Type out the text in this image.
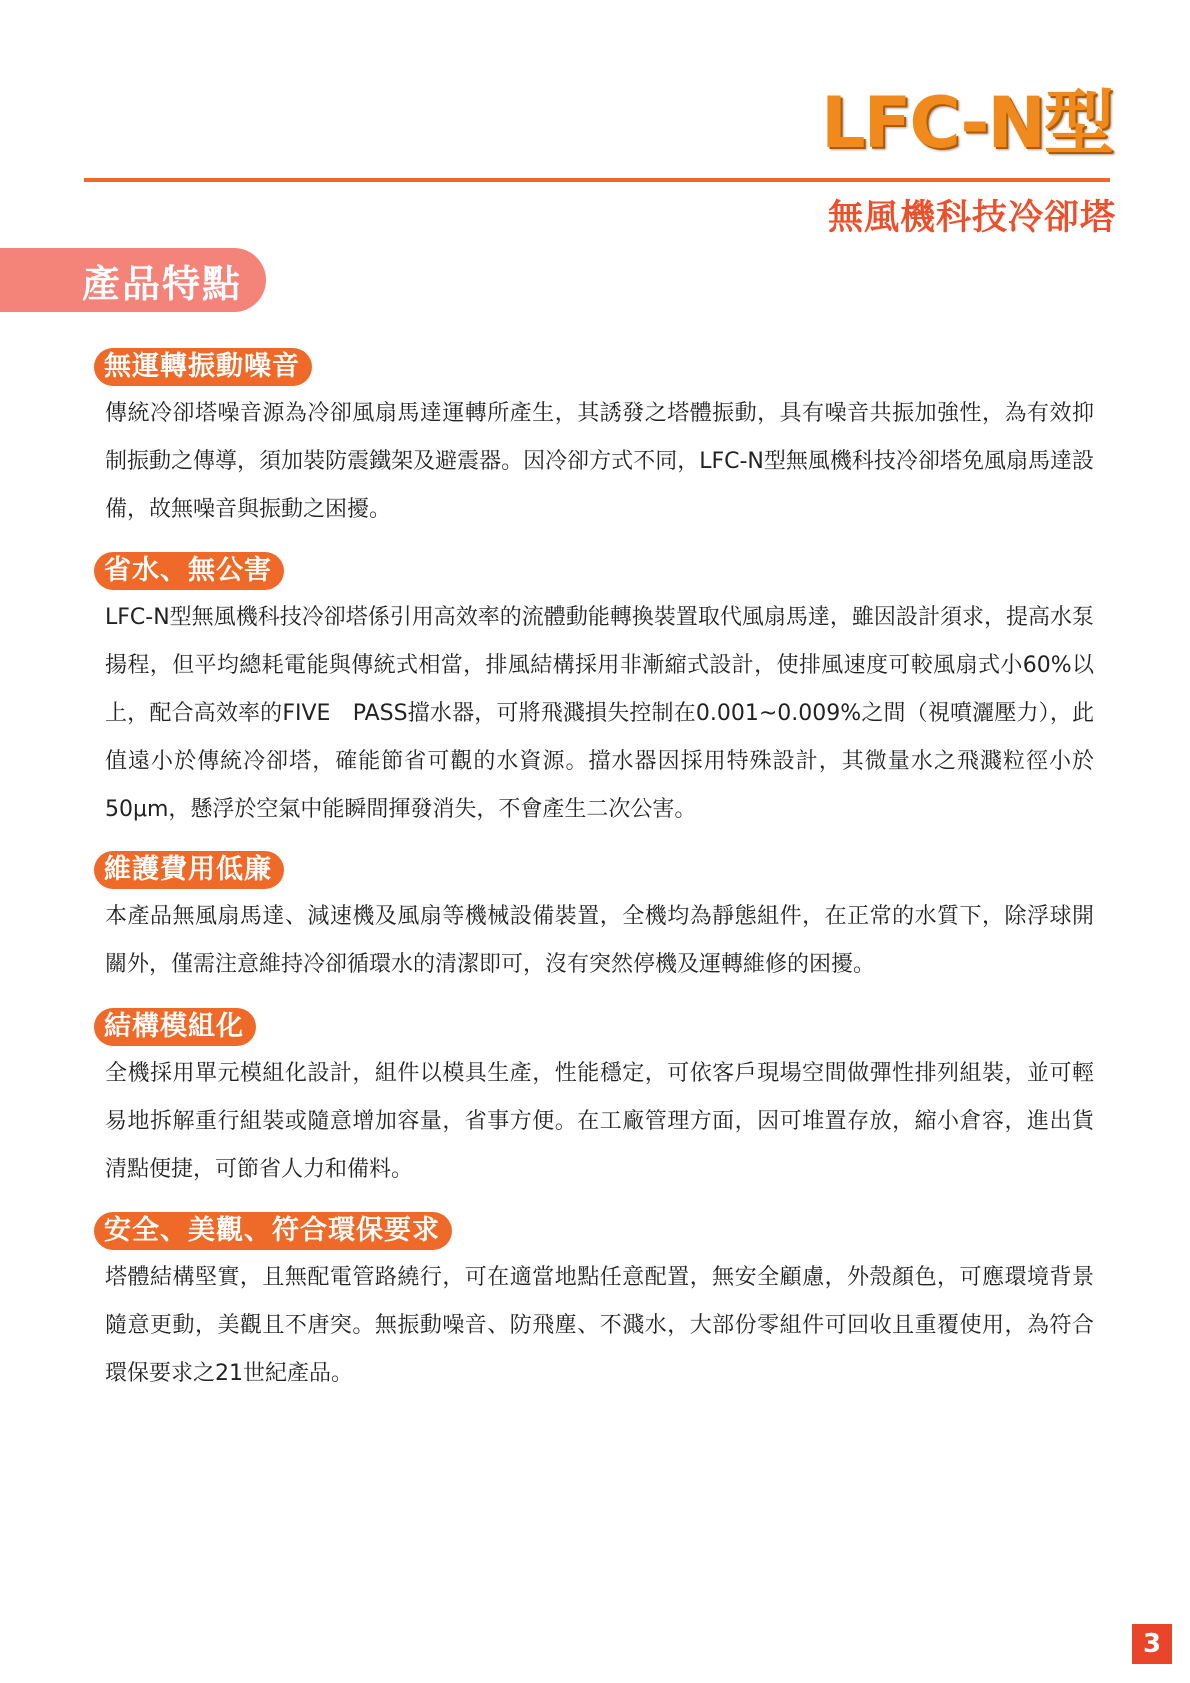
LFC-N型
無風機科技冷卻塔
產品特點
無運轉振動噪音

傳統冷卻塔噪音源為冷卻風扇馬達運轉所產生，其誘發之塔體振動，具有噪音共振加強性，為有效抑制振動之傳導，須加裝防震鐵架及避震器。因冷卻方式不同，LFC-N型無風機科技冷卻塔免風扇馬達設備，故無噪音與振動之困擾。

省水、無公害

LFC-N型無風機科技冷卻塔係引用高效率的流體動能轉換裝置取代風扇馬達，雖因設計須求，提高水泵揚程，但平均總耗電能與傳統式相當，排風結構採用非漸縮式設計，使排風速度可較風扇式小60%以上，配合高效率的FIVE　PASS擋水器，可將飛濺損失控制在0.001~0.009%之間（視噴灑壓力），此值遠小於傳統冷卻塔，確能節省可觀的水資源。擋水器因採用特殊設計，其微量水之飛濺粒徑小於50μm，懸浮於空氣中能瞬間揮發消失，不會產生二次公害。

維護費用低廉

本產品無風扇馬達、減速機及風扇等機械設備裝置，全機均為靜態組件，在正常的水質下，除浮球開關外，僅需注意維持冷卻循環水的清潔即可，沒有突然停機及運轉維修的困擾。

結構模組化

全機採用單元模組化設計，組件以模具生產，性能穩定，可依客戶現場空間做彈性排列組裝，並可輕易地拆解重行組裝或隨意增加容量，省事方便。在工廠管理方面，因可堆置存放，縮小倉容，進出貨清點便捷，可節省人力和備料。

安全、美觀、符合環保要求

塔體結構堅實，且無配電管路繞行，可在適當地點任意配置，無安全顧慮，外殼顏色，可應環境背景隨意更動，美觀且不唐突。無振動噪音、防飛塵、不濺水，大部份零組件可回收且重覆使用，為符合環保要求之21世紀產品。

3
